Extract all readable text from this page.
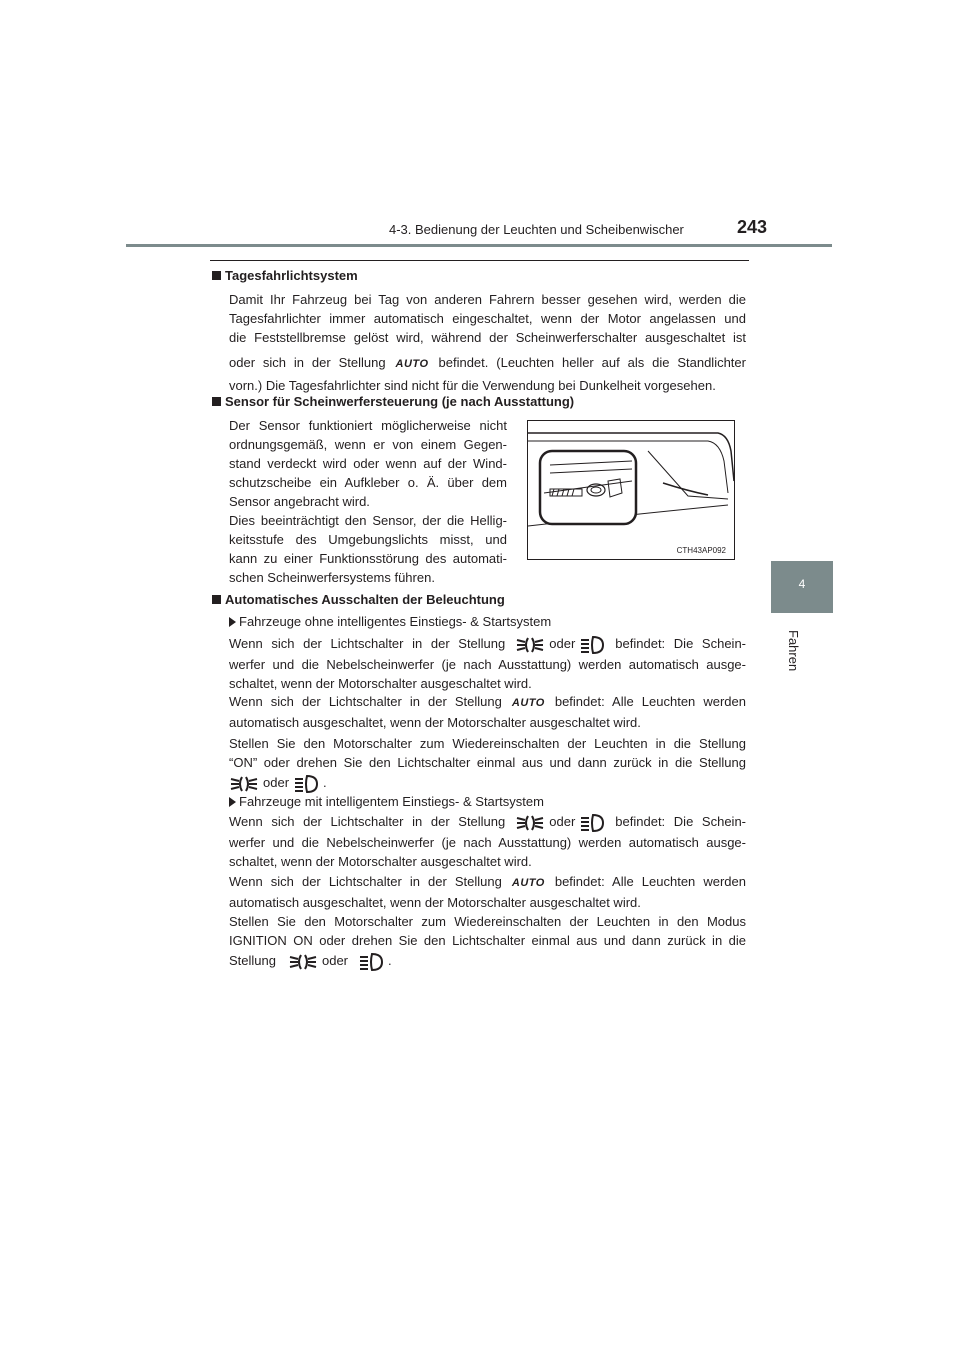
4-3. Bedienung der Leuchten und Scheibenwischer	243
4
Fahren
Tagesfahrlichtsystem
Damit Ihr Fahrzeug bei Tag von anderen Fahrern besser gesehen wird, werden die
Tagesfahrlichter immer automatisch eingeschaltet, wenn der Motor angelassen und
die Feststellbremse gelöst wird, während der Scheinwerferschalter ausgeschaltet ist
oder sich in der Stellung AUTO befindet. (Leuchten heller auf als die Standlichter
vorn.) Die Tagesfahrlichter sind nicht für die Verwendung bei Dunkelheit vorgesehen.
Sensor für Scheinwerfersteuerung (je nach Ausstattung)
Der Sensor funktioniert möglicherweise nicht
ordnungsgemäß, wenn er von einem Gegen-
stand verdeckt wird oder wenn auf der Wind-
schutzscheibe ein Aufkleber o. Ä. über dem
Sensor angebracht wird.
Dies beeinträchtigt den Sensor, der die Hellig-
keitsstufe des Umgebungslichts misst, und
kann zu einer Funktionsstörung des automati-
schen Scheinwerfersystems führen.
CTH43AP092
Automatisches Ausschalten der Beleuchtung
Fahrzeuge ohne intelligentes Einstiegs- & Startsystem
Wenn sich der Lichtschalter in der Stellung	oder	befindet: Die Schein-
werfer und die Nebelscheinwerfer (je nach Ausstattung) werden automatisch ausge-
schaltet, wenn der Motorschalter ausgeschaltet wird.
Wenn sich der Lichtschalter in der Stellung AUTO befindet: Alle Leuchten werden
automatisch ausgeschaltet, wenn der Motorschalter ausgeschaltet wird.
Stellen Sie den Motorschalter zum Wiedereinschalten der Leuchten in die Stellung
“ON” oder drehen Sie den Lichtschalter einmal aus und dann zurück in die Stellung
oder	.
Fahrzeuge mit intelligentem Einstiegs- & Startsystem
Wenn sich der Lichtschalter in der Stellung	oder	befindet: Die Schein-
werfer und die Nebelscheinwerfer (je nach Ausstattung) werden automatisch ausge-
schaltet, wenn der Motorschalter ausgeschaltet wird.
Wenn sich der Lichtschalter in der Stellung AUTO befindet: Alle Leuchten werden
automatisch ausgeschaltet, wenn der Motorschalter ausgeschaltet wird.
Stellen Sie den Motorschalter zum Wiedereinschalten der Leuchten in den Modus
IGNITION ON oder drehen Sie den Lichtschalter einmal aus und dann zurück in die
Stellung	oder	.
